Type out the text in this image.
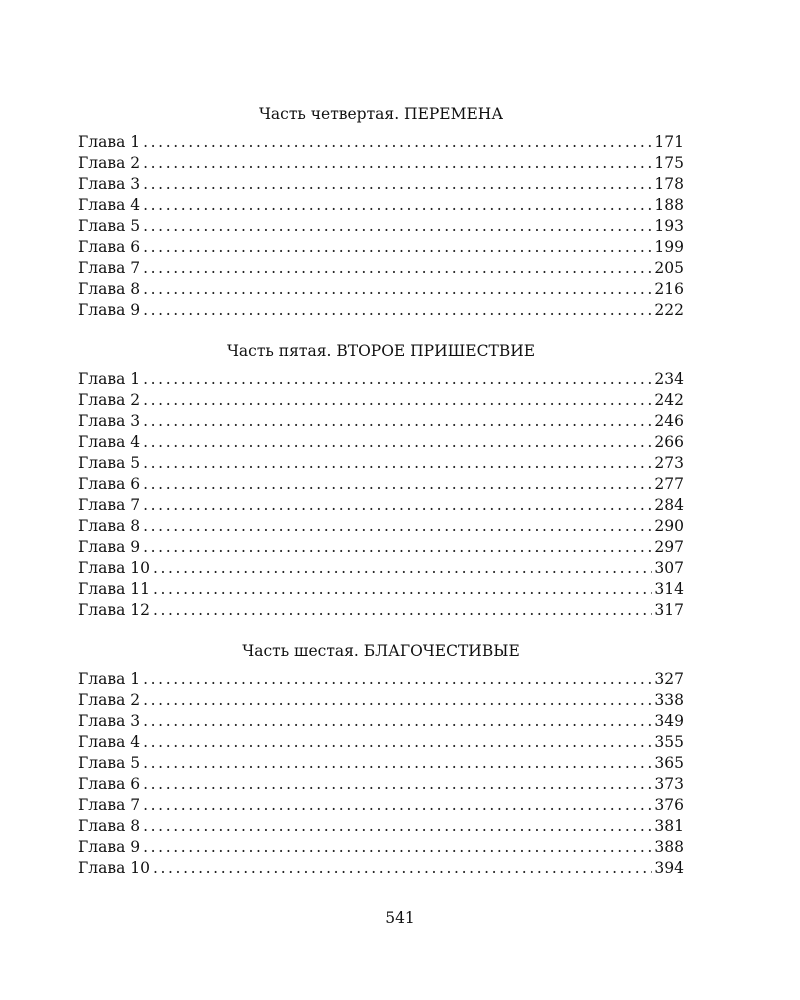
Часть четвертая. ПЕРЕМЕНА
Глава 1 .....	171
Глава 2 .....	175
Глава 3 .....	178
Глава 4 .....	188
Глава 5 .....	193
Глава 6 .....	199
Глава 7 .....	205
Глава 8 .....	216
Глава 9 .....	222
Часть пятая. ВТОРОЕ ПРИШЕСТВИЕ
Глава 1 .....	234
Глава 2 .....	242
Глава 3 .....	246
Глава 4 .....	266
Глава 5 .....	273
Глава 6 .....	277
Глава 7 .....	284
Глава 8 .....	290
Глава 9 .....	297
Глава 10 .....	307
Глава 11 .....	314
Глава 12 .....	317
Часть шестая. БЛАГОЧЕСТИВЫЕ
Глава 1 .....	327
Глава 2 .....	338
Глава 3 .....	349
Глава 4 .....	355
Глава 5 .....	365
Глава 6 .....	373
Глава 7 .....	376
Глава 8 .....	381
Глава 9 .....	388
Глава 10 .....	394
541
